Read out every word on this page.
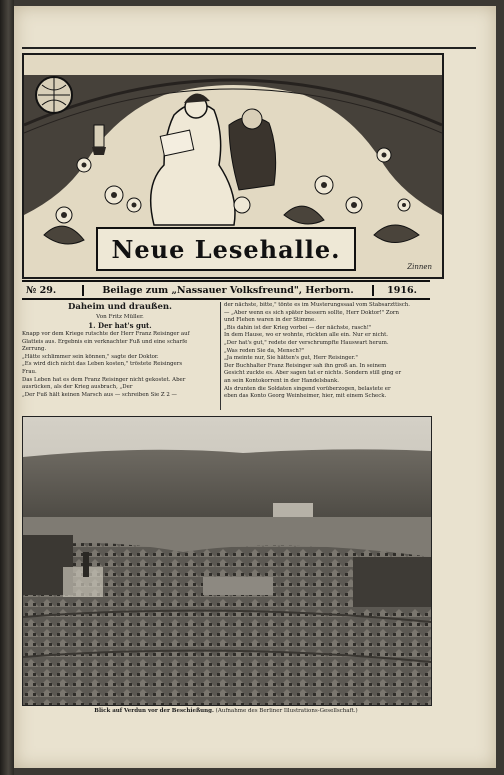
Neue Lesehalle.
Zinnen
№ 29.	Beilage zum „Nassauer Volksfreund", Herborn.	1916.
Daheim und draußen.
Von Fritz Müller.
1. Der hat's gut.

Knapp vor dem Kriege rutschte der Herr Franz Reisinger auf

Glatteis aus. Ergebnis ein verknachter Fuß und eine scharfe

Zerrung.

„Hätte schlimmer sein können," sagte der Doktor.

„Es wird dich nicht das Leben kosten," tröstete Reisingers

Frau.

Das Leben hat es dem Franz Reisinger nicht gekostet. Aber

ausrücken, als der Krieg ausbrach, „Der

„Der Fuß hält keinen Marsch aus — schreiben Sie Z 2 —

der nächste, bitte," tönte es im Musterungssaal vom Stabsarzttisch.

— „Aber wenn es sich später bessern sollte, Herr Doktor!" Zorn

und Flehen waren in der Stimme.

„Bis dahin ist der Krieg vorbei — der nächste, rasch!"

In dem Hause, wo er wohnte, rückten alle ein. Nur er nicht.

„Der hat's gut," redete der verschrumpfte Hauswart herum.

„Was reden Sie da, Mensch?"

„Ja meinte nur, Sie hätten's gut, Herr Reisinger."

Der Buchhalter Franz Reisinger sah ihn groß an. In seinem

Gesicht zuckte es. Aber sagen tat er nichts. Sondern still ging er

an sein Kontokorrent in der Handelsbank.

Als drunten die Soldaten singend vorüberzogen, belastete er

eben das Konto Georg Weinheimer, hier, mit einem Scheck.

Blick auf Verdun vor der Beschießung. (Aufnahme des Berliner Illustrations-Gesellschaft.)
